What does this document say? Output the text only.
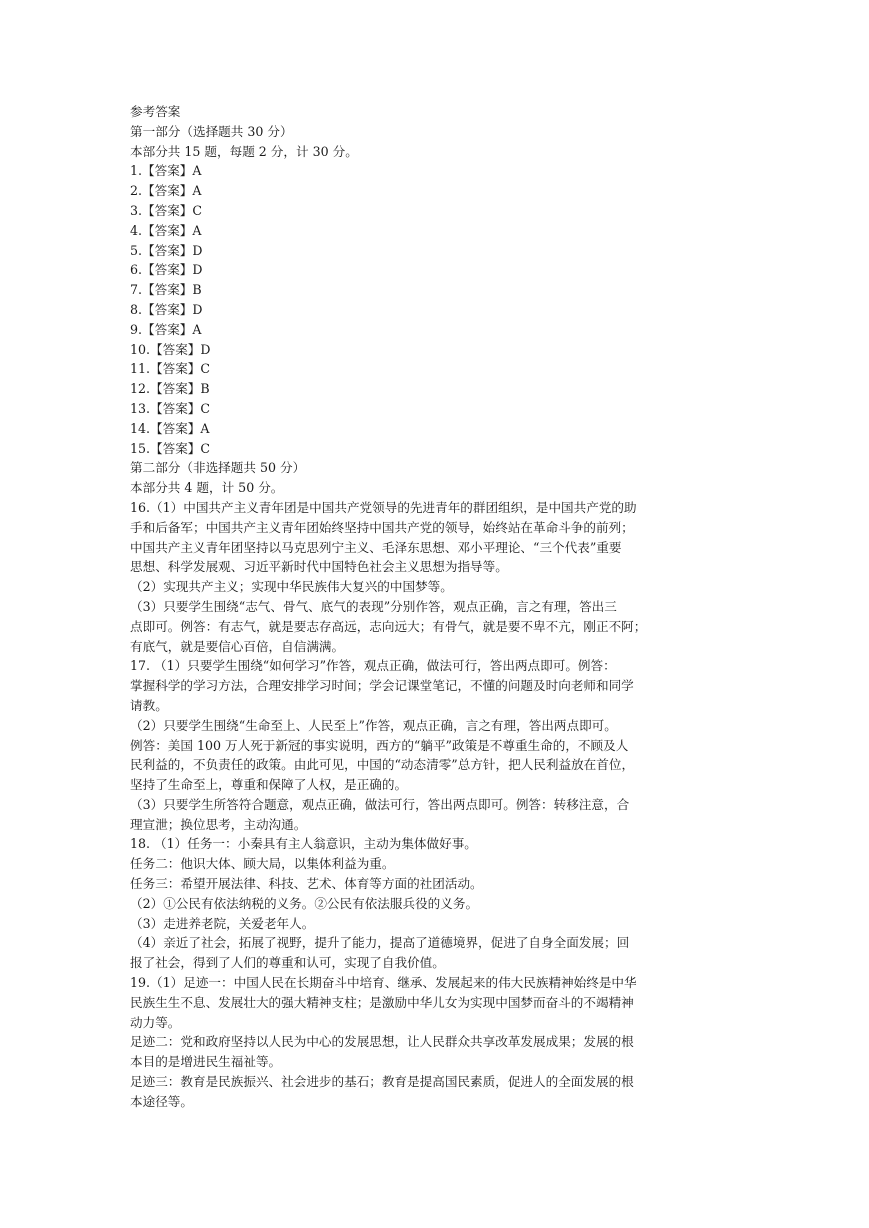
参考答案
第一部分（选择题共 30 分）
本部分共 15 题，每题 2 分，计 30 分。
1.【答案】A
2.【答案】A
3.【答案】C
4.【答案】A
5.【答案】D
6.【答案】D
7.【答案】B
8.【答案】D
9.【答案】A
10.【答案】D
11.【答案】C
12.【答案】B
13.【答案】C
14.【答案】A
15.【答案】C
第二部分（非选择题共 50 分）
本部分共 4 题，计 50 分。
16.（1）中国共产主义青年团是中国共产党领导的先进青年的群团组织，是中国共产党的助
手和后备军；中国共产主义青年团始终坚持中国共产党的领导，始终站在革命斗争的前列；
中国共产主义青年团坚持以马克思列宁主义、毛泽东思想、邓小平理论、“三个代表”重要
思想、科学发展观、习近平新时代中国特色社会主义思想为指导等。
（2）实现共产主义；实现中华民族伟大复兴的中国梦等。
（3）只要学生围绕“志气、骨气、底气的表现”分别作答，观点正确，言之有理，答出三
点即可。例答：有志气，就是要志存高远，志向远大；有骨气，就是要不卑不亢，刚正不阿；
有底气，就是要信心百倍，自信满满。
17. （1）只要学生围绕“如何学习”作答，观点正确，做法可行，答出两点即可。例答：
掌握科学的学习方法，合理安排学习时间；学会记课堂笔记，不懂的问题及时向老师和同学
请教。
（2）只要学生围绕“生命至上、人民至上”作答，观点正确，言之有理，答出两点即可。
例答：美国 100 万人死于新冠的事实说明，西方的“躺平”政策是不尊重生命的，不顾及人
民利益的，不负责任的政策。由此可见，中国的“动态清零”总方针，把人民利益放在首位，
坚持了生命至上，尊重和保障了人权，是正确的。
（3）只要学生所答符合题意，观点正确，做法可行，答出两点即可。例答：转移注意，合
理宣泄；换位思考，主动沟通。
18. （1）任务一：小秦具有主人翁意识，主动为集体做好事。
任务二：他识大体、顾大局，以集体利益为重。
任务三：希望开展法律、科技、艺术、体育等方面的社团活动。
（2）①公民有依法纳税的义务。②公民有依法服兵役的义务。
（3）走进养老院，关爱老年人。
（4）亲近了社会，拓展了视野，提升了能力，提高了道德境界，促进了自身全面发展；回
报了社会，得到了人们的尊重和认可，实现了自我价值。
19.（1）足迹一：中国人民在长期奋斗中培育、继承、发展起来的伟大民族精神始终是中华
民族生生不息、发展壮大的强大精神支柱；是激励中华儿女为实现中国梦而奋斗的不竭精神
动力等。
足迹二：党和政府坚持以人民为中心的发展思想，让人民群众共享改革发展成果；发展的根
本目的是增进民生福祉等。
足迹三：教育是民族振兴、社会进步的基石；教育是提高国民素质，促进人的全面发展的根
本途径等。
